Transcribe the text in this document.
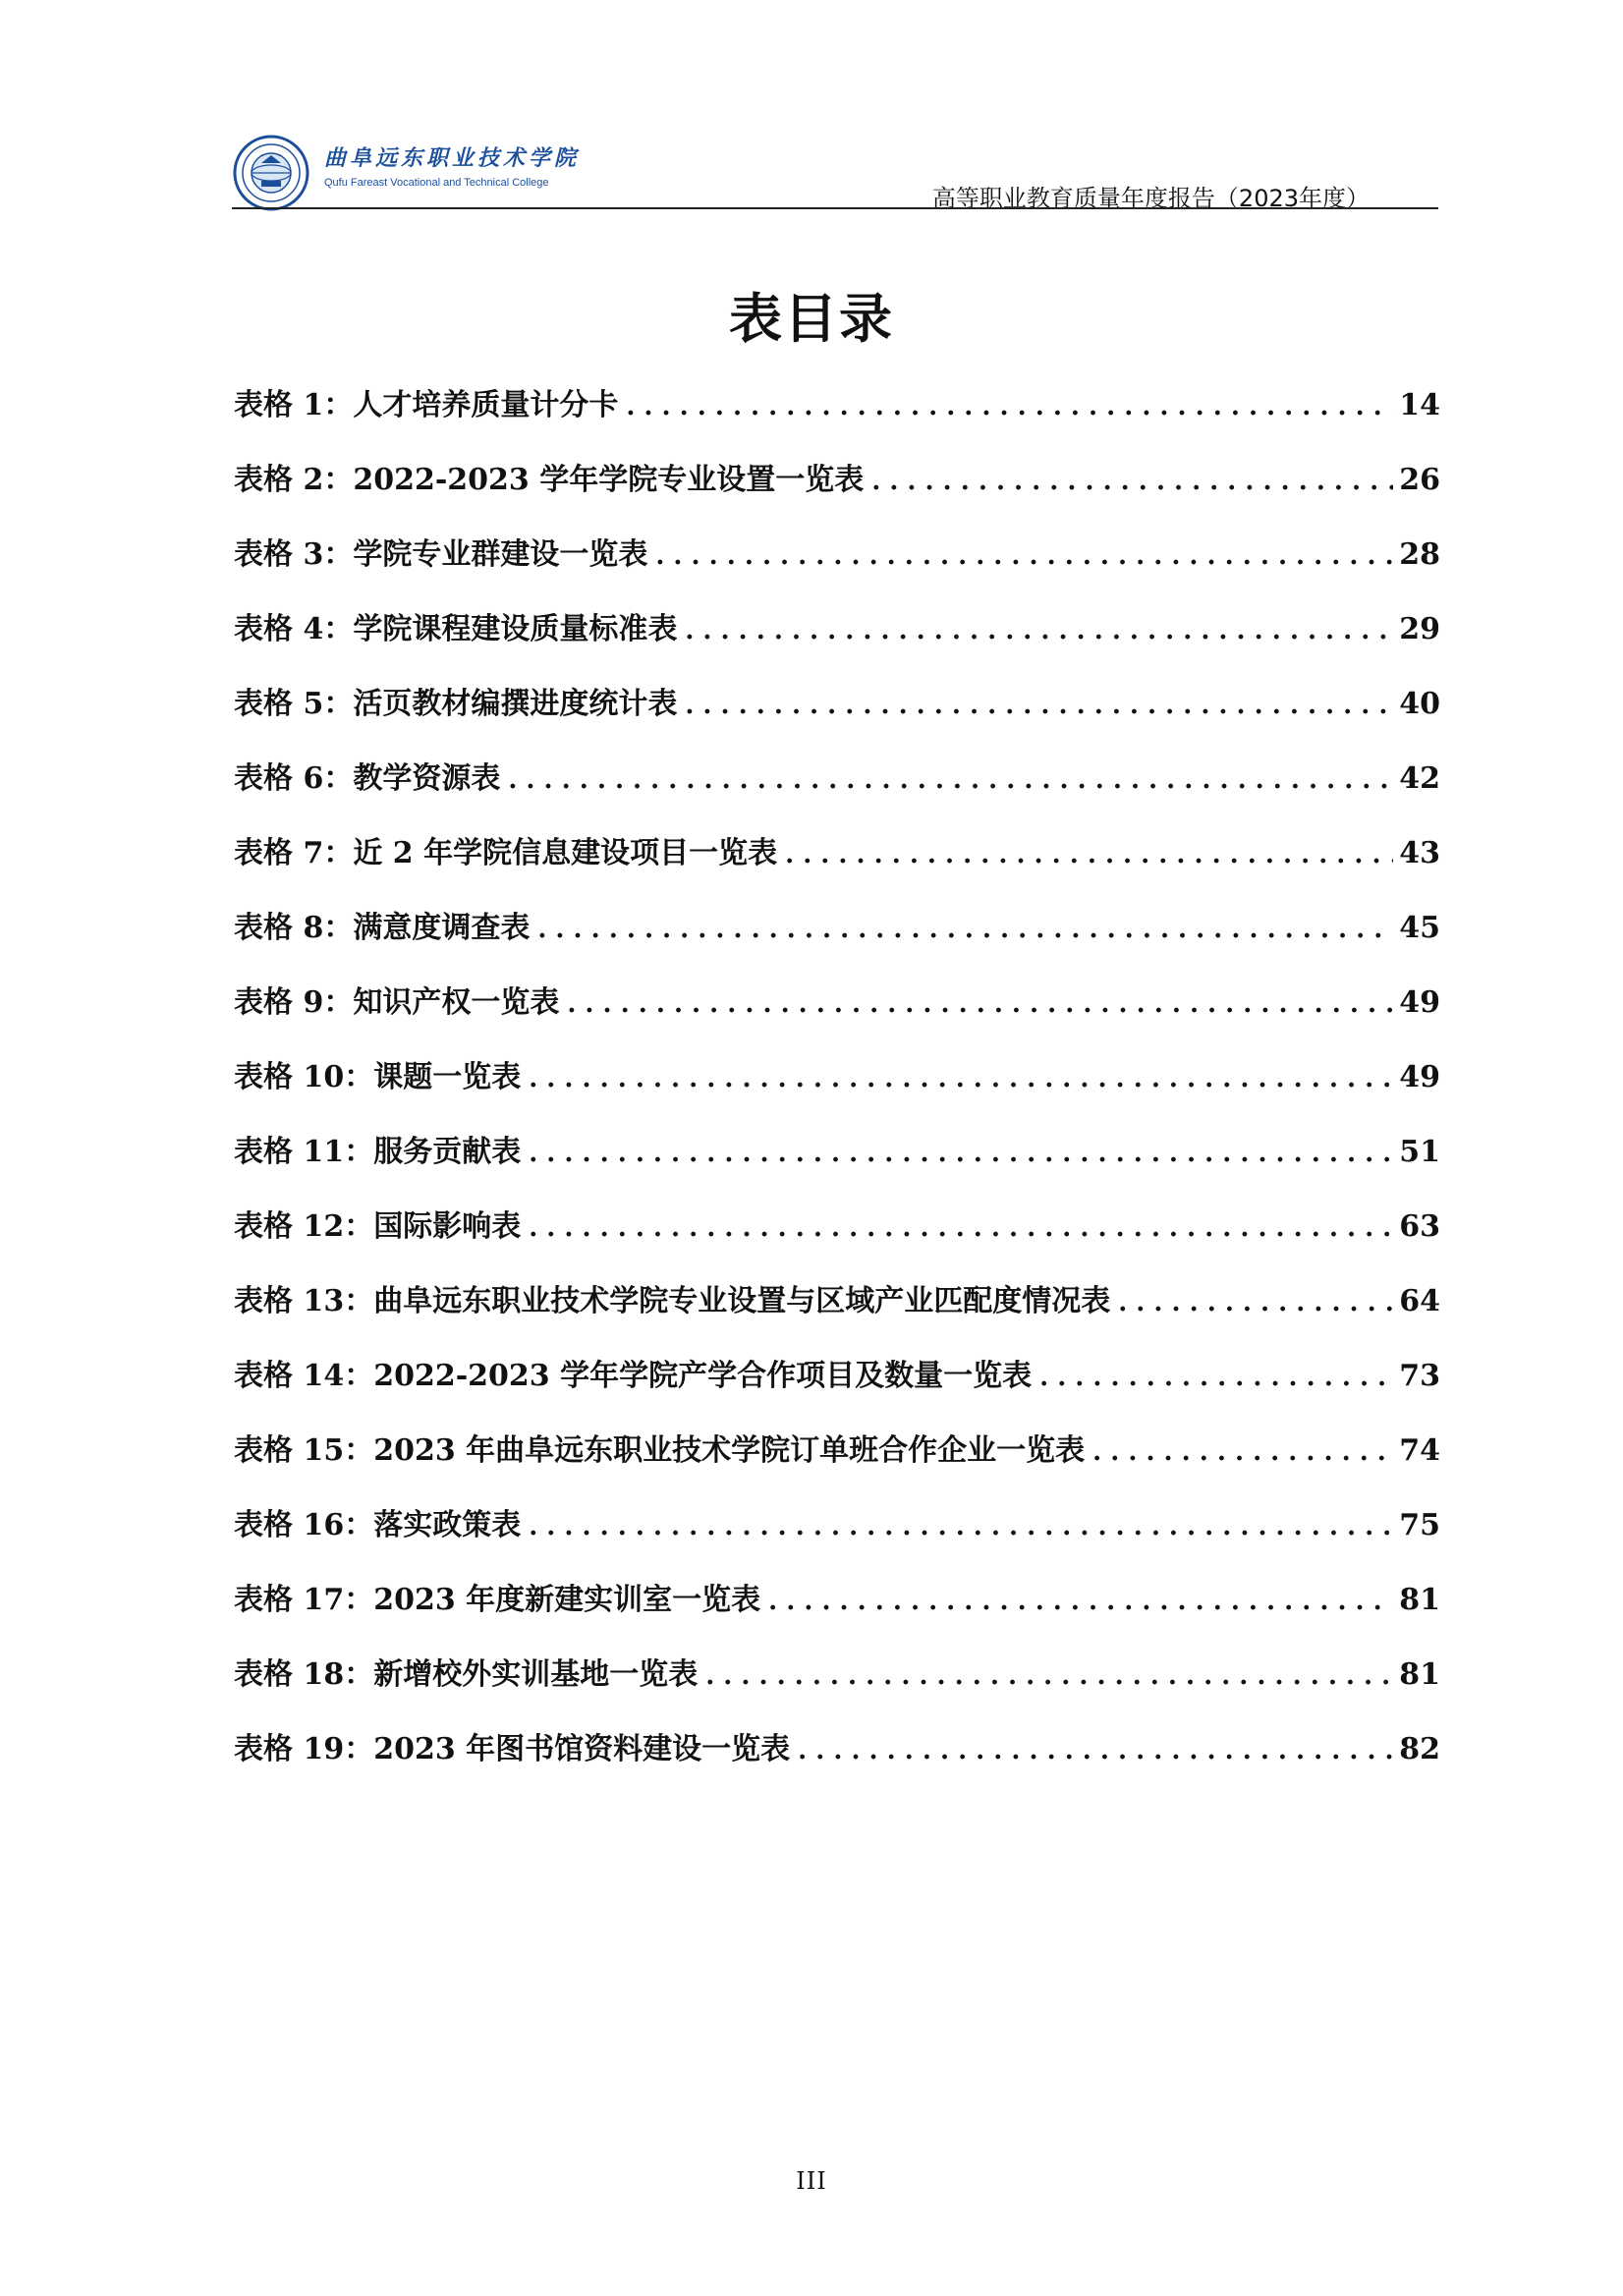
曲阜远东职业技术学院
Qufu Fareast Vocational and Technical College
高等职业教育质量年度报告（2023年度）
表目录
表格 1：人才培养质量计分卡 . . .	14
表格 2：2022-2023 学年学院专业设置一览表 . . .	26
表格 3：学院专业群建设一览表 . . .	28
表格 4：学院课程建设质量标准表 . . .	29
表格 5：活页教材编撰进度统计表 . . .	40
表格 6：教学资源表 . . .	42
表格 7：近 2 年学院信息建设项目一览表 . . .	43
表格 8：满意度调查表 . . .	45
表格 9：知识产权一览表 . . .	49
表格 10：课题一览表 . . .	49
表格 11：服务贡献表 . . .	51
表格 12：国际影响表 . . .	63
表格 13：曲阜远东职业技术学院专业设置与区域产业匹配度情况表 . . .	64
表格 14：2022-2023 学年学院产学合作项目及数量一览表 . . .	73
表格 15：2023 年曲阜远东职业技术学院订单班合作企业一览表 . . .	74
表格 16：落实政策表 . . .	75
表格 17：2023 年度新建实训室一览表 . . .	81
表格 18：新增校外实训基地一览表 . . .	81
表格 19：2023 年图书馆资料建设一览表 . . .	82
III
